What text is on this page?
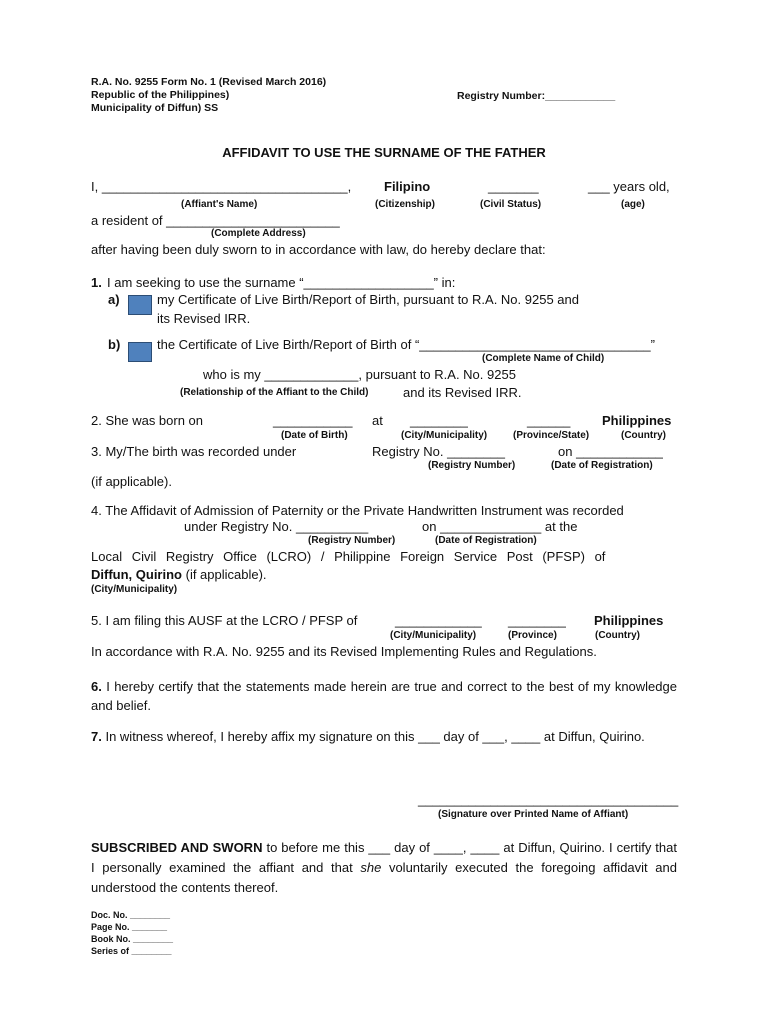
R.A. No. 9255 Form No. 1 (Revised March 2016)
Republic of the Philippines)
Municipality of Diffun) SS
Registry Number:____________
AFFIDAVIT TO USE THE SURNAME OF THE FATHER
I, __________________________________,	Filipino	_______	___ years old,
(Affiant's Name)	(Citizenship)	(Civil Status)	(age)
a resident of ________________________
(Complete Address)
after having been duly sworn to in accordance with law, do hereby declare that:
1. I am seeking to use the surname “__________________” in:
a)	my Certificate of Live Birth/Report of Birth, pursuant to R.A. No. 9255 and
its Revised IRR.
b)	the Certificate of Live Birth/Report of Birth of “________________________________”
(Complete Name of Child)
who is my _____________, pursuant to R.A. No. 9255
(Relationship of the Affiant to the Child)	and its Revised IRR.
2. She was born on	___________ at ________	______ Philippines
(Date of Birth)	(City/Municipality)	(Province/State)	(Country)
3. My/The birth was recorded under	Registry No. ________	on ____________
(Registry Number)	(Date of Registration)
(if applicable).
4. The Affidavit of Admission of Paternity or the Private Handwritten Instrument was recorded
under Registry No. __________	on ______________ at the
(Registry Number)	(Date of Registration)
Local Civil Registry Office (LCRO) / Philippine Foreign Service Post (PFSP) of
Diffun, Quirino (if applicable).
(City/Municipality)
5. I am filing this AUSF at the LCRO / PFSP of	____________ ________ Philippines
(City/Municipality)	(Province)	(Country)
In accordance with R.A. No. 9255 and its Revised Implementing Rules and Regulations.
6. I hereby certify that the statements made herein are true and correct to the best of my knowledge and belief.
7. In witness whereof, I hereby affix my signature on this ___ day of ___, ____ at Diffun, Quirino.
____________________________________
(Signature over Printed Name of Affiant)
SUBSCRIBED AND SWORN to before me this ___ day of ____, ____ at Diffun, Quirino. I certify that I personally examined the affiant and that she voluntarily executed the foregoing affidavit and understood the contents thereof.
Doc. No. ________
Page No. _______
Book No. ________
Series of ________
